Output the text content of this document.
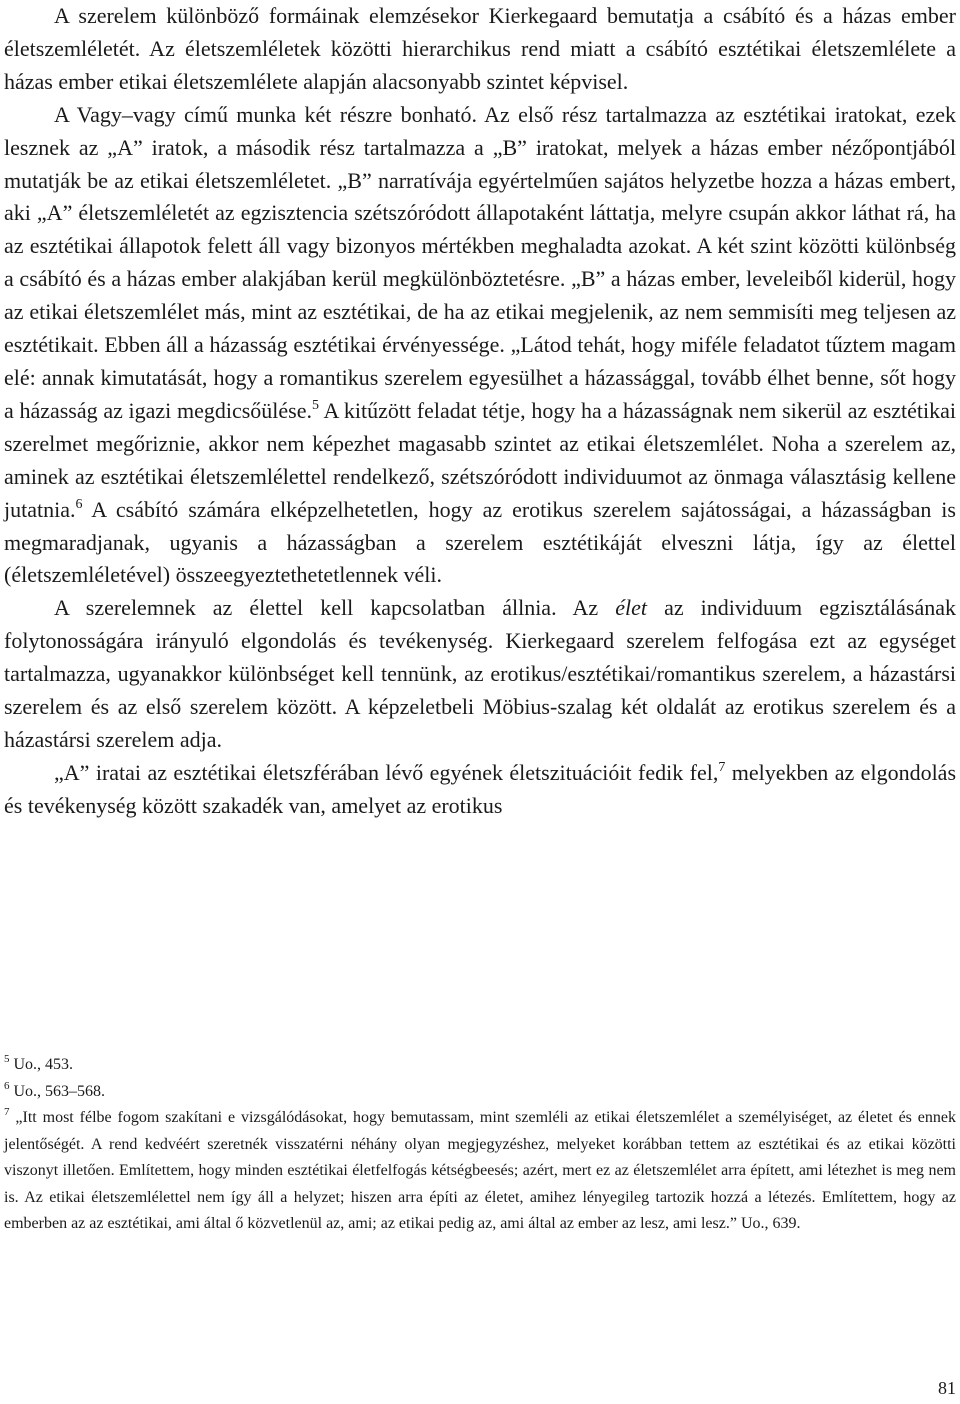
A szerelem különböző formáinak elemzésekor Kierkegaard bemutatja a csábító és a házas ember életszemléletét. Az életszemléletek közötti hierarchikus rend miatt a csábító esztétikai életszemlélete a házas ember etikai életszemlélete alapján alacsonyabb szintet képvisel.

A Vagy–vagy című munka két részre bonható. Az első rész tartalmazza az esztétikai iratokat, ezek lesznek az „A” iratok, a második rész tartalmazza a „B” iratokat, melyek a házas ember nézőpontjából mutatják be az etikai életszemléletet. „B” narratívája egyértelműen sajátos helyzetbe hozza a házas embert, aki „A” életszemléletét az egzisztencia szétszóródott állapotaként láttatja, melyre csupán akkor láthat rá, ha az esztétikai állapotok felett áll vagy bizonyos mértékben meghaladta azokat. A két szint közötti különbség a csábító és a házas ember alakjában kerül megkülönböztetésre. „B” a házas ember, leveleiből kiderül, hogy az etikai életszemlélet más, mint az esztétikai, de ha az etikai megjelenik, az nem semmisíti meg teljesen az esztétikait. Ebben áll a házasság esztétikai érvényessége. „Látod tehát, hogy miféle feladatot tűztem magam elé: annak kimutatását, hogy a romantikus szerelem egyesülhet a házassággal, tovább élhet benne, sőt hogy a házasság az igazi megdicsőülése.$^5$ A kitűzött feladat tétje, hogy ha a házasságnak nem sikerül az esztétikai szerelmet megőriznie, akkor nem képezhet magasabb szintet az etikai életszemlélet. Noha a szerelem az, aminek az esztétikai életszemlélettel rendelkező, szétszóródott individuumot az önmaga választásig kellene jutatnia.$^6$ A csábító számára elképzelhetetlen, hogy az erotikus szerelem sajátosságai, a házasságban is megmaradjanak, ugyanis a házasságban a szerelem esztétikáját elveszni látja, így az élettel (életszemléletével) összeegyeztethetetlennek véli.

A szerelemnek az élettel kell kapcsolatban állnia. Az élet az individuum egzisztálásának folytonosságára irányuló elgondolás és tevékenység. Kierkegaard szerelem felfogása ezt az egységet tartalmazza, ugyanakkor különbséget kell tennünk, az erotikus/esztétikai/romantikus szerelem, a házastársi szerelem és az első szerelem között. A képzeletbeli Möbius-szalag két oldalát az erotikus szerelem és a házastársi szerelem adja.

„A” iratai az esztétikai életszférában lévő egyének életszituációit fedik fel,$^7$ melyekben az elgondolás és tevékenység között szakadék van, amelyet az erotikus

$^5$ Uo., 453.

$^6$ Uo., 563–568.

$^7$ „Itt most félbe fogom szakítani e vizsgálódásokat, hogy bemutassam, mint szemléli az etikai életszemlélet a személyiséget, az életet és ennek jelentőségét. A rend kedvéért szeretnék visszatérni néhány olyan megjegyzéshez, melyeket korábban tettem az esztétikai és az etikai közötti viszonyt illetően. Említettem, hogy minden esztétikai életfelfogás kétségbeesés; azért, mert ez az életszemlélet arra épített, ami létezhet is meg nem is. Az etikai életszemlélettel nem így áll a helyzet; hiszen arra építi az életet, amihez lényegileg tartozik hozzá a létezés. Említettem, hogy az emberben az az esztétikai, ami által ő közvetlenül az, ami; az etikai pedig az, ami által az ember az lesz, ami lesz.” Uo., 639.

81
